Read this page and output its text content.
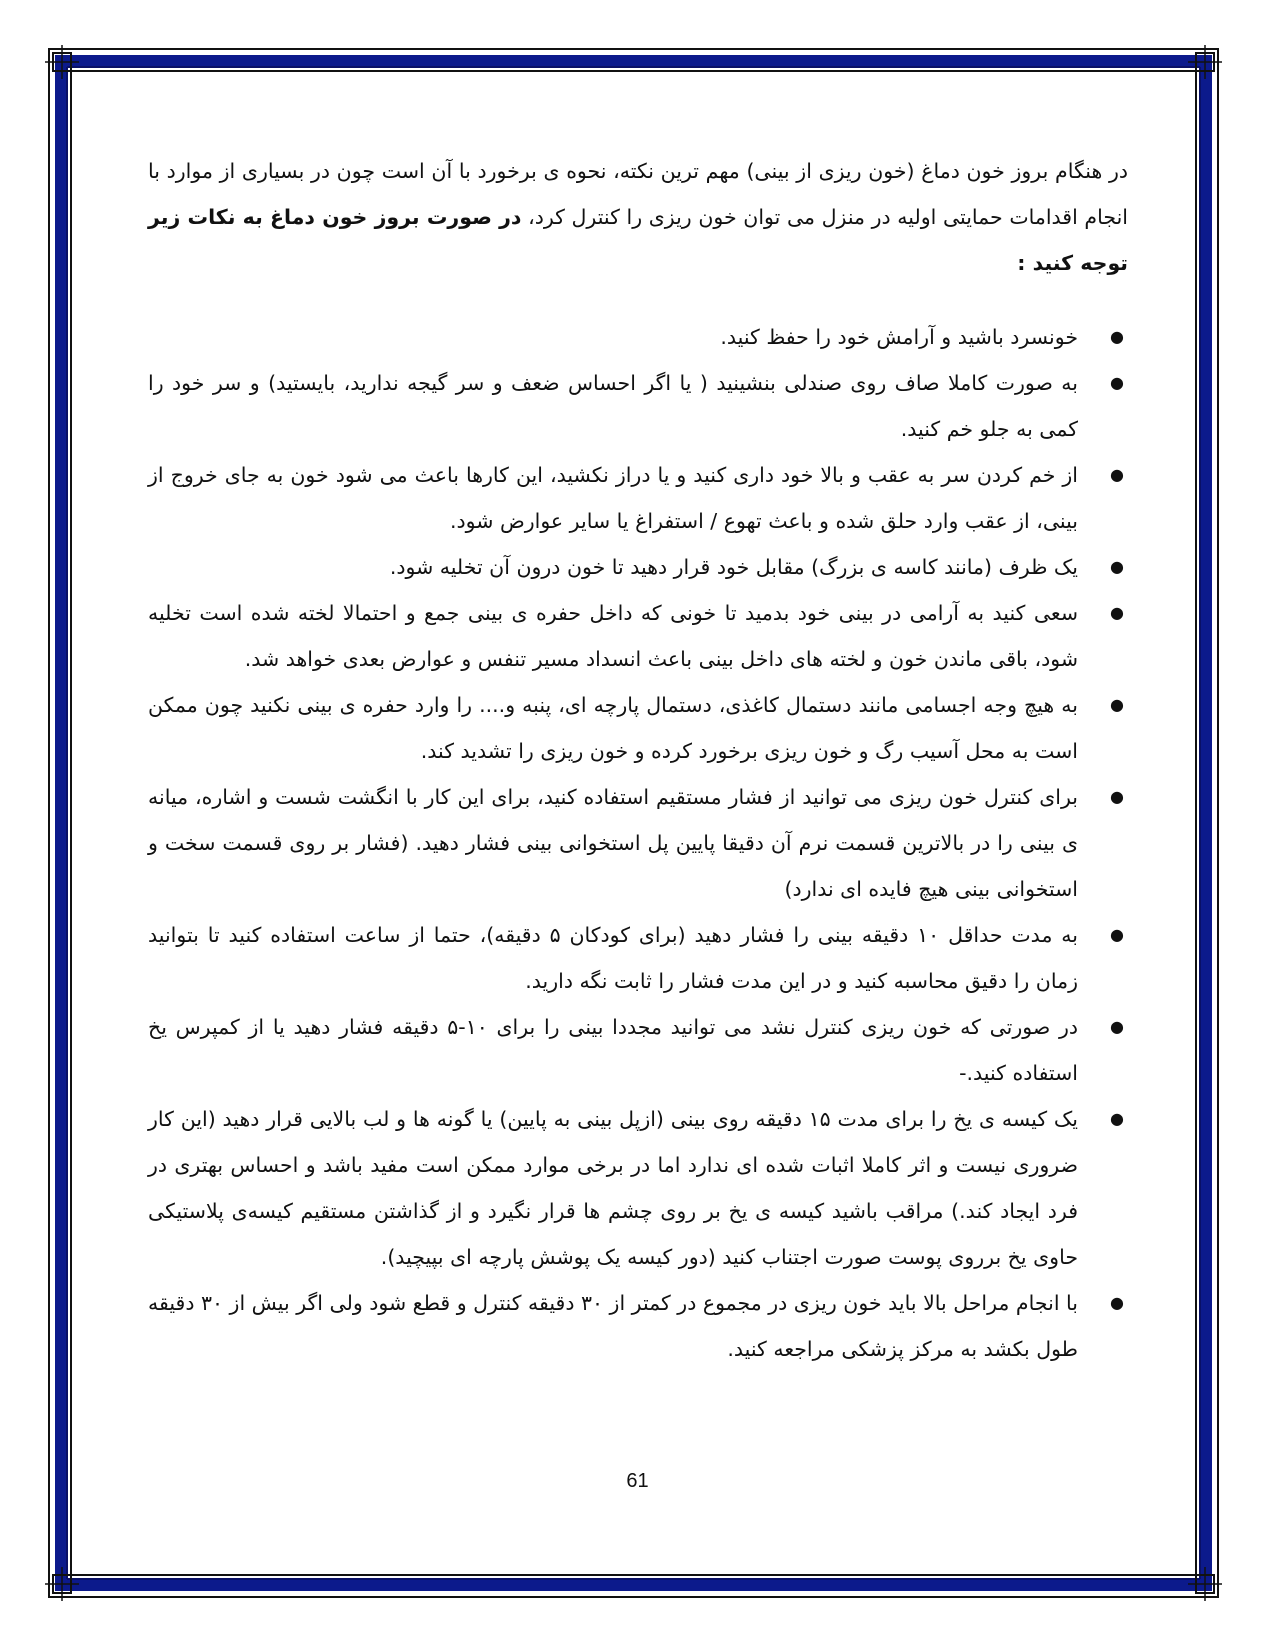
در هنگام بروز خون دماغ (خون ریزی از بینی) مهم ترین نکته، نحوه ی برخورد با آن است چون در بسیاری از موارد با انجام اقدامات حمایتی اولیه در منزل می توان خون ریزی را کنترل کرد، در صورت بروز خون دماغ به نکات زیر توجه کنید :

●
خونسرد باشید و آرامش خود را حفظ کنید.
●
به صورت کاملا صاف روی صندلی بنشینید ( یا اگر احساس ضعف و سر گیجه ندارید، بایستید) و سر خود را کمی به جلو خم کنید.
●
از خم کردن سر به عقب و بالا خود داری کنید و یا دراز نکشید، این کارها باعث می شود خون به جای خروج از بینی، از عقب وارد حلق شده و باعث تهوع / استفراغ یا سایر عوارض شود.
●
یک ظرف (مانند کاسه ی بزرگ) مقابل خود قرار دهید تا خون درون آن تخلیه شود.
●
سعی کنید به آرامی در بینی خود بدمید تا خونی که داخل حفره ی بینی جمع و احتمالا لخته شده است تخلیه شود، باقی ماندن خون و لخته های داخل بینی باعث انسداد مسیر تنفس و عوارض بعدی خواهد شد.
●
به هیچ وجه اجسامی مانند دستمال کاغذی، دستمال پارچه ای، پنبه و.... را وارد حفره ی بینی نکنید چون ممکن است به محل آسیب رگ و خون ریزی برخورد کرده و خون ریزی را تشدید کند.
●
برای کنترل خون ریزی می توانید از فشار مستقیم استفاده کنید، برای این کار با انگشت شست و اشاره، میانه ی بینی را در بالاترین قسمت نرم آن دقیقا پایین پل استخوانی بینی فشار دهید. (فشار بر روی قسمت سخت و استخوانی بینی هیچ فایده ای ندارد)
●
به مدت حداقل ۱۰ دقیقه بینی را فشار دهید (برای کودکان ۵ دقیقه)، حتما از ساعت استفاده کنید تا بتوانید زمان را دقیق محاسبه کنید و در این مدت فشار را ثابت نگه دارید.
●
در صورتی که خون ریزی کنترل نشد می توانید مجددا بینی را برای ۱۰-۵ دقیقه فشار دهید یا از کمپرس یخ استفاده کنید.-
●
یک کیسه ی یخ را برای مدت ۱۵ دقیقه روی بینی (ازپل بینی به پایین) یا گونه ها و لب بالایی قرار دهید (این کار ضروری نیست و اثر کاملا اثبات شده ای ندارد اما در برخی موارد ممکن است مفید باشد و احساس بهتری در فرد ایجاد کند.) مراقب باشید کیسه ی یخ بر روی چشم ها قرار نگیرد و از گذاشتن مستقیم کیسه‌ی پلاستیکی حاوی یخ برروی پوست صورت اجتناب کنید (دور کیسه یک پوشش پارچه ای بپیچید).
●
با انجام مراحل بالا باید خون ریزی در مجموع در کمتر از ۳۰ دقیقه کنترل و قطع شود ولی اگر بیش از ۳۰ دقیقه طول بکشد به مرکز پزشکی مراجعه کنید.
61
